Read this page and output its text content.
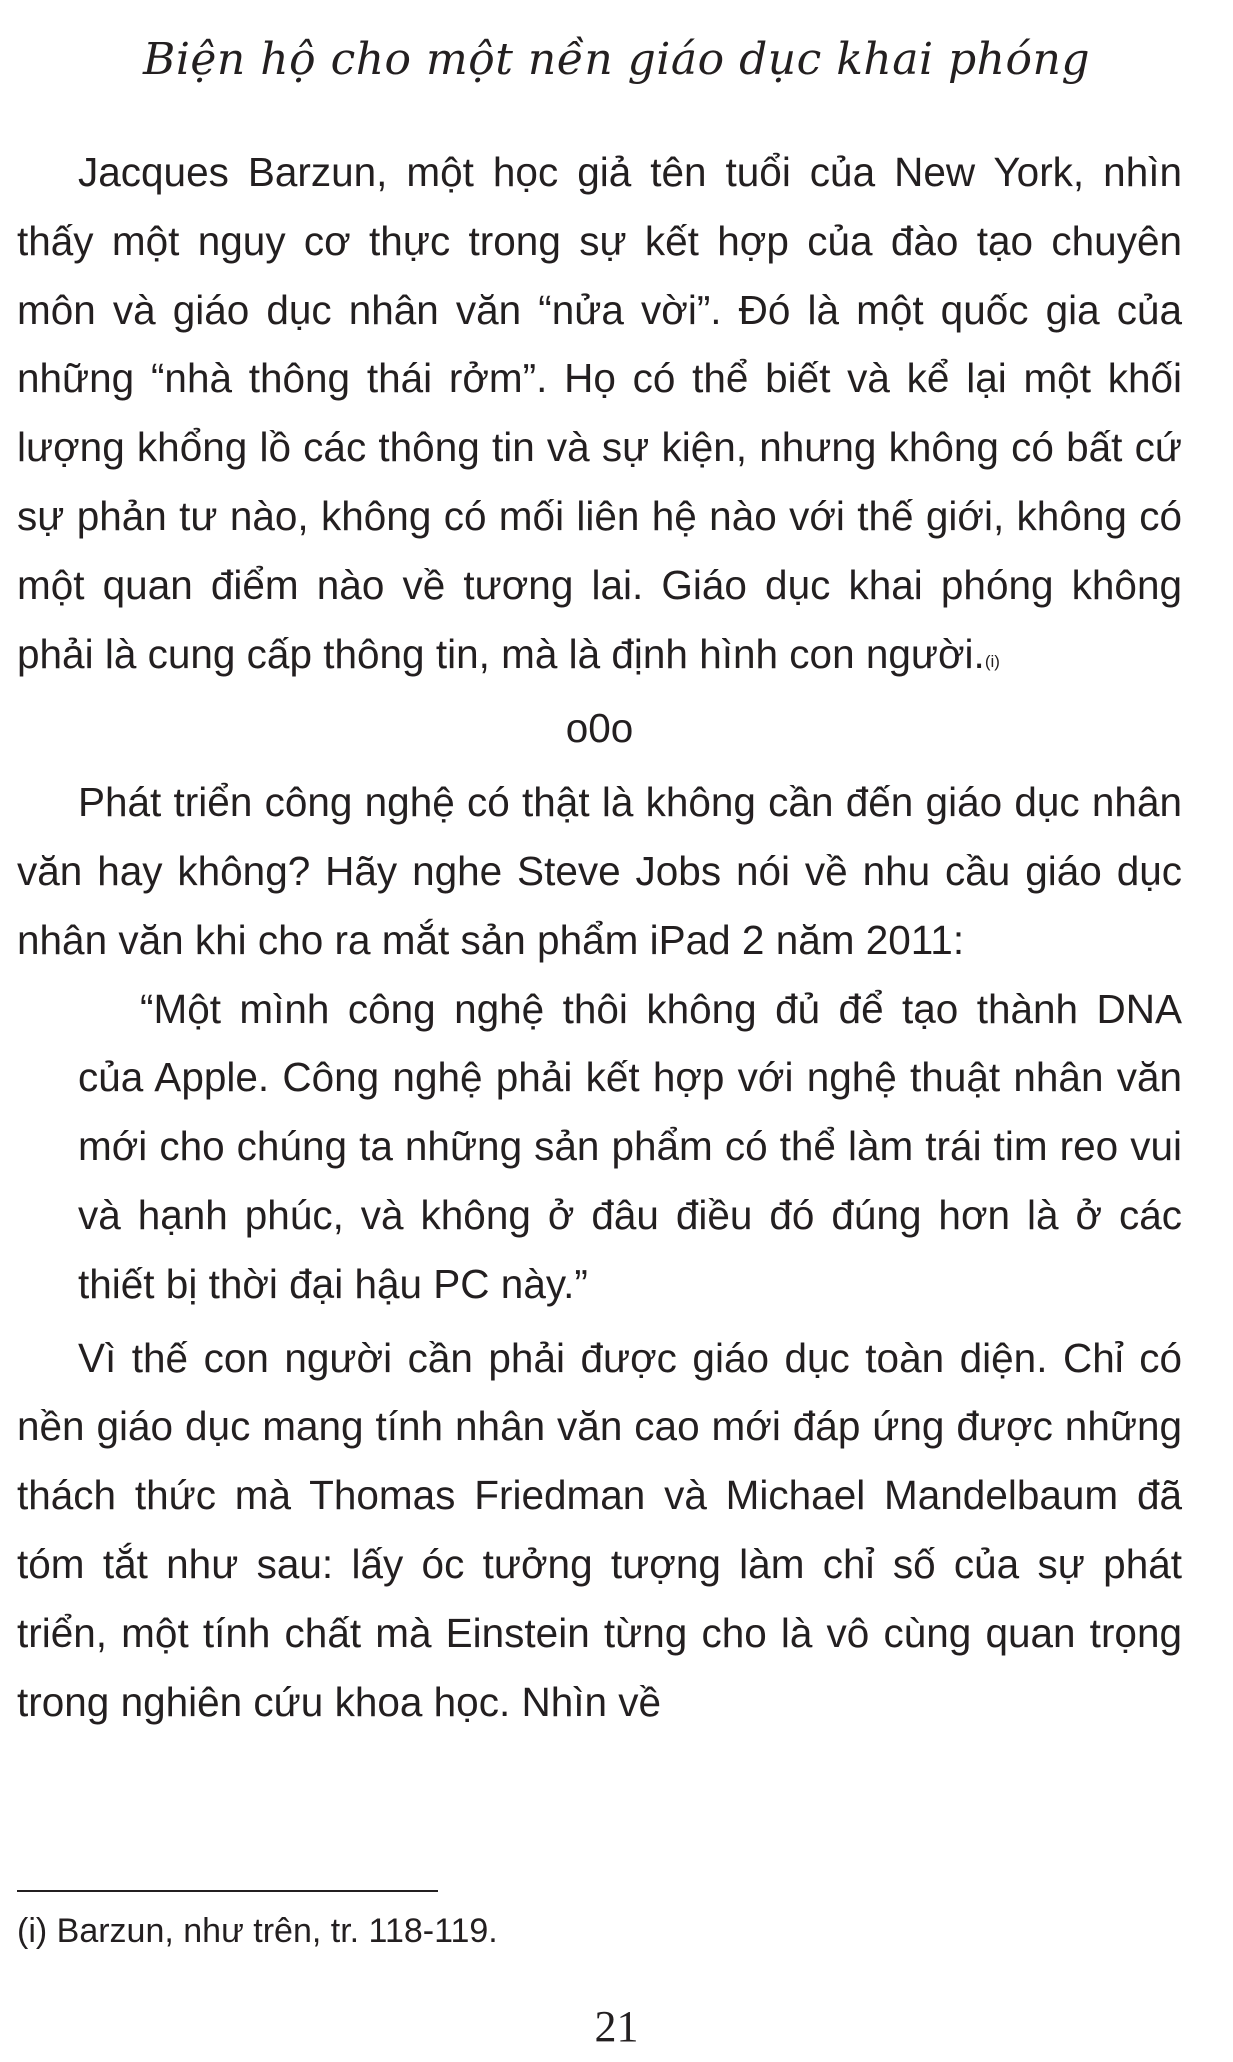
Biện hộ cho một nền giáo dục khai phóng

Jacques Barzun, một học giả tên tuổi của New York, nhìn thấy một nguy cơ thực trong sự kết hợp của đào tạo chuyên môn và giáo dục nhân văn “nửa vời”. Đó là một quốc gia của những “nhà thông thái rởm”. Họ có thể biết và kể lại một khối lượng khổng lồ các thông tin và sự kiện, nhưng không có bất cứ sự phản tư nào, không có mối liên hệ nào với thế giới, không có một quan điểm nào về tương lai. Giáo dục khai phóng không phải là cung cấp thông tin, mà là định hình con người.$^{(i)}$

o0o

Phát triển công nghệ có thật là không cần đến giáo dục nhân văn hay không? Hãy nghe Steve Jobs nói về nhu cầu giáo dục nhân văn khi cho ra mắt sản phẩm iPad 2 năm 2011:

“Một mình công nghệ thôi không đủ để tạo thành DNA của Apple. Công nghệ phải kết hợp với nghệ thuật nhân văn mới cho chúng ta những sản phẩm có thể làm trái tim reo vui và hạnh phúc, và không ở đâu điều đó đúng hơn là ở các thiết bị thời đại hậu PC này.”

Vì thế con người cần phải được giáo dục toàn diện. Chỉ có nền giáo dục mang tính nhân văn cao mới đáp ứng được những thách thức mà Thomas Friedman và Michael Mandelbaum đã tóm tắt như sau: lấy óc tưởng tượng làm chỉ số của sự phát triển, một tính chất mà Einstein từng cho là vô cùng quan trọng trong nghiên cứu khoa học. Nhìn về

(i) Barzun, như trên, tr. 118-119.
21
